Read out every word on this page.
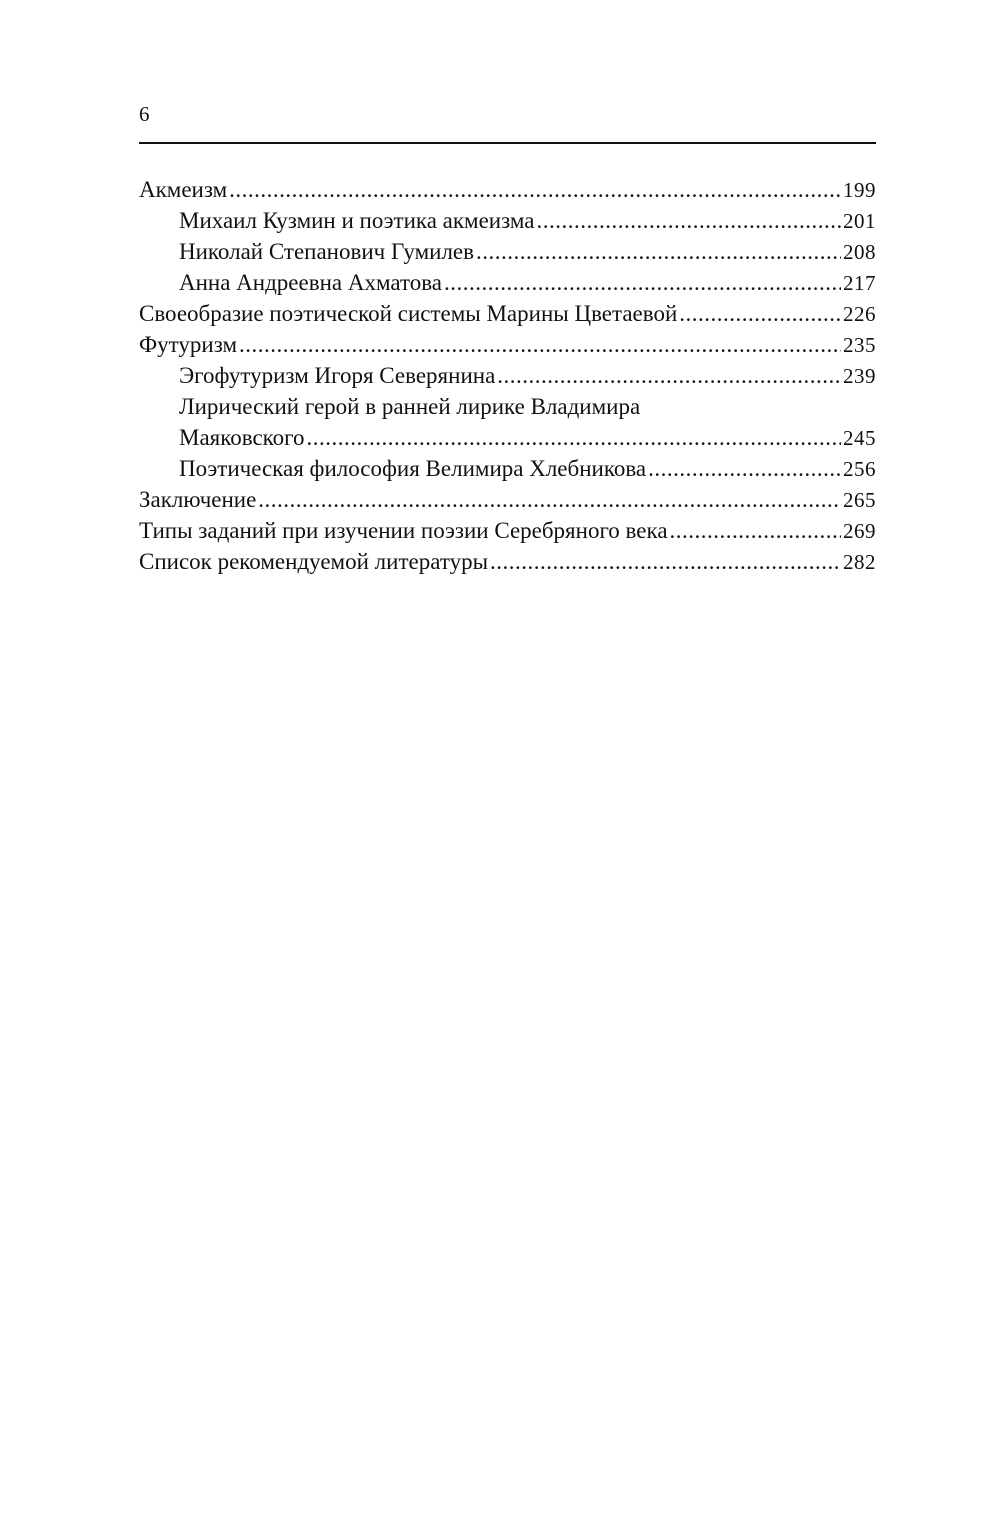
6
Акмеизм .....	199
Михаил Кузмин и поэтика акмеизма .....	201
Николай Степанович Гумилев .....	208
Анна Андреевна Ахматова .....	217
Своеобразие поэтической системы Марины Цветаевой .....	226
Футуризм .....	235
Эгофутуризм Игоря Северянина .....	239
Лирический герой в ранней лирике Владимира
Маяковского .....	245
Поэтическая философия Велимира Хлебникова .....	256
Заключение .....	265
Типы заданий при изучении поэзии Серебряного века .....	269
Список рекомендуемой литературы .....	282
